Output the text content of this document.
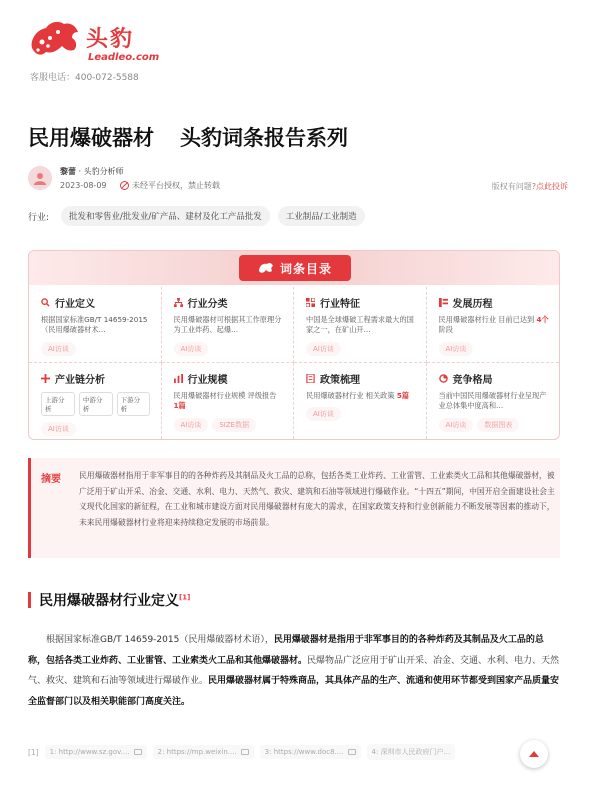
头豹
Leadleo.com
客服电话：400-072-5588
民用爆破器材 头豹词条报告系列
黎蕾 · 头豹分析师
2023-08-09	未经平台授权，禁止转载	版权有问题?点此投诉
行业:	批发和零售业/批发业/矿产品、建材及化工产品批发	工业制品/工业制造
词条目录
行业定义
根据国家标准GB/T 14659-2015（民用爆破器材术…
AI访谈
行业分类
民用爆破器材可根据其工作原理分为工业炸药、起爆…
AI访谈
行业特征
中国是全球爆破工程需求最大的国家之一，在矿山开…
AI访谈
发展历程
民用爆破器材行业 目前已达到 4个阶段
AI访谈
产业链分析
上游分析
中游分析
下游分析
AI访谈
行业规模
民用爆破器材行业规模 评级报告 1篇
AI访谈	SIZE数据
政策梳理
民用爆破器材行业 相关政策 5篇
AI访谈
竞争格局
当前中国民用爆破器材行业呈现产业总体集中度高和…
AI访谈	数据图表
摘要 民用爆破器材指用于非军事目的的各种炸药及其制品及火工品的总称，包括各类工业炸药、工业雷管、工业索类火工品和其他爆破器材，被广泛用于矿山开采、冶金、交通、水利、电力、天然气、救灾、建筑和石油等领域进行爆破作业。“十四五”期间，中国开启全面建设社会主义现代化国家的新征程，在工业和城市建设方面对民用爆破器材有庞大的需求，在国家政策支持和行业创新能力不断发展等因素的推动下，未来民用爆破器材行业将迎来持续稳定发展的市场前景。
民用爆破器材行业定义[1]
根据国家标准GB/T 14659-2015（民用爆破器材术语），民用爆破器材是指用于非军事目的的各种炸药及其制品及火工品的总称，包括各类工业炸药、工业雷管、工业索类火工品和其他爆破器材。民爆物品广泛应用于矿山开采、冶金、交通、水利、电力、天然气、救灾、建筑和石油等领域进行爆破作业。民用爆破器材属于特殊商品，其具体产品的生产、流通和使用环节都受到国家产品质量安全监督部门以及相关职能部门高度关注。
[1] 1: http://www.sz.gov....	2: https://mp.weixin....	3: https://www.doc8....	4: 深圳市人民政府门户...
